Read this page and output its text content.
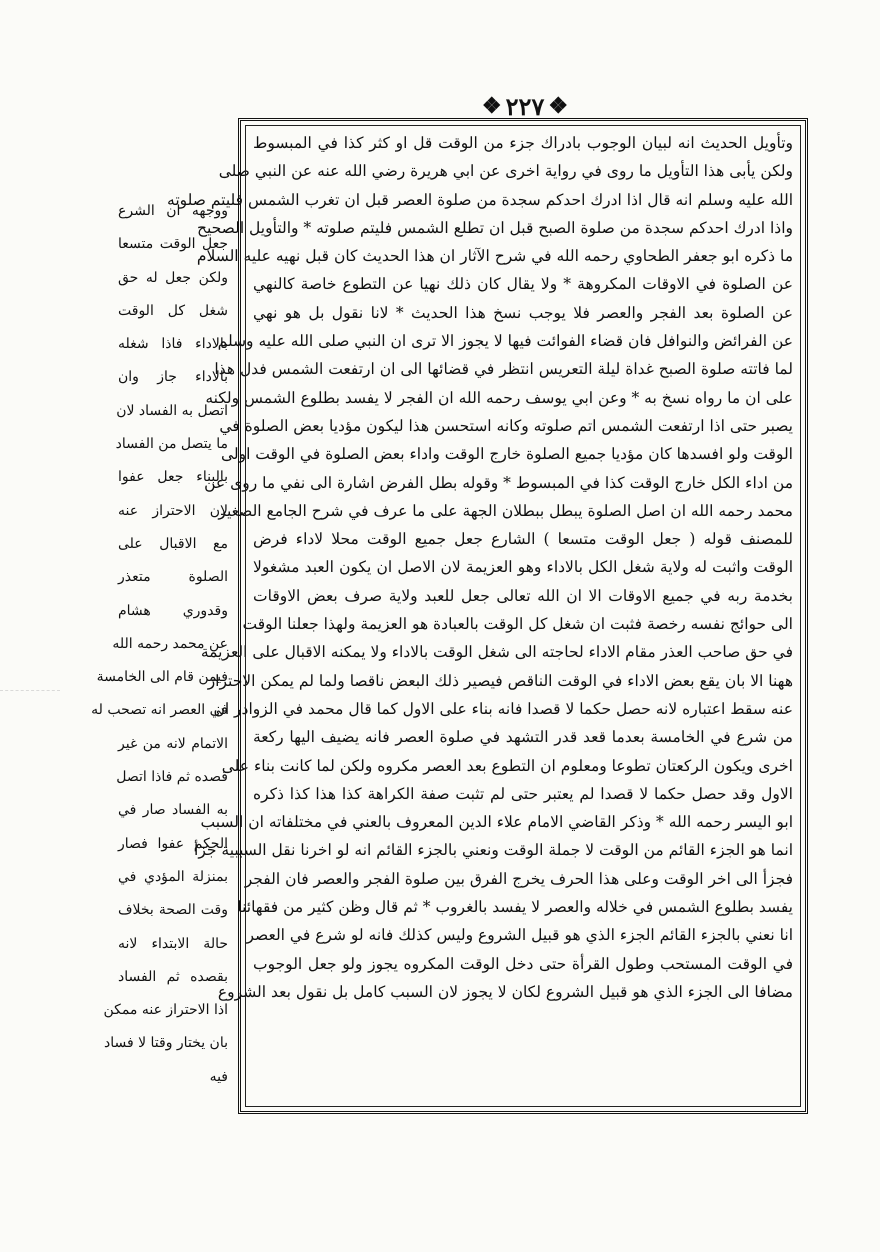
❖ ٢٢٧ ❖
وتأويل الحديث انه لبيان الوجوب بادراك جزء من الوقت قل او كثر كذا في المبسوط
ولكن يأبى هذا التأويل ما روى في رواية اخرى عن ابي هريرة رضي الله عنه عن النبي صلى
الله عليه وسلم انه قال اذا ادرك احدكم سجدة من صلوة العصر قبل ان تغرب الشمس فليتم صلوته
واذا ادرك احدكم سجدة من صلوة الصبح قبل ان تطلع الشمس فليتم صلوته * والتأويل الصحيح
ما ذكره ابو جعفر الطحاوي رحمه الله في شرح الآثار ان هذا الحديث كان قبل نهيه عليه السلام
عن الصلوة في الاوقات المكروهة * ولا يقال كان ذلك نهيا عن التطوع خاصة كالنهي
عن الصلوة بعد الفجر والعصر فلا يوجب نسخ هذا الحديث * لانا نقول بل هو نهي
عن الفرائض والنوافل فان قضاء الفوائت فيها لا يجوز الا ترى ان النبي صلى الله عليه وسلم
لما فاتته صلوة الصبح غداة ليلة التعريس انتظر في قضائها الى ان ارتفعت الشمس فدل هذا
على ان ما رواه نسخ به * وعن ابي يوسف رحمه الله ان الفجر لا يفسد بطلوع الشمس ولكنه
يصبر حتى اذا ارتفعت الشمس اتم صلوته وكانه استحسن هذا ليكون مؤديا بعض الصلوة في
الوقت ولو افسدها كان مؤديا جميع الصلوة خارج الوقت واداء بعض الصلوة في الوقت اولى
من اداء الكل خارج الوقت كذا في المبسوط * وقوله بطل الفرض اشارة الى نفي ما روى عن
محمد رحمه الله ان اصل الصلوة يبطل ببطلان الجهة على ما عرف في شرح الجامع الصغير
للمصنف قوله ( جعل الوقت متسعا ) الشارع جعل جميع الوقت محلا لاداء فرض
الوقت واثبت له ولاية شغل الكل بالاداء وهو العزيمة لان الاصل ان يكون العبد مشغولا
بخدمة ربه في جميع الاوقات الا ان الله تعالى جعل للعبد ولاية صرف بعض الاوقات
الى حوائج نفسه رخصة فثبت ان شغل كل الوقت بالعبادة هو العزيمة ولهذا جعلنا الوقت
في حق صاحب العذر مقام الاداء لحاجته الى شغل الوقت بالاداء ولا يمكنه الاقبال على العزيمة
ههنا الا بان يقع بعض الاداء في الوقت الناقص فيصير ذلك البعض ناقصا ولما لم يمكن الاحتراز
عنه سقط اعتباره لانه حصل حكما لا قصدا فانه بناء على الاول كما قال محمد في الزوادر ان
من شرع في الخامسة بعدما قعد قدر التشهد في صلوة العصر فانه يضيف اليها ركعة
اخرى ويكون الركعتان تطوعا ومعلوم ان التطوع بعد العصر مكروه ولكن لما كانت بناء على
الاول وقد حصل حكما لا قصدا لم يعتبر حتى لم تثبت صفة الكراهة كذا هذا كذا ذكره
ابو اليسر رحمه الله * وذكر القاضي الامام علاء الدين المعروف بالعني في مختلفاته ان السبب
انما هو الجزء القائم من الوقت لا جملة الوقت ونعني بالجزء القائم انه لو اخرنا نقل السببية جزأ
فجزأ الى اخر الوقت وعلى هذا الحرف يخرج الفرق بين صلوة الفجر والعصر فان الفجر
يفسد بطلوع الشمس في خلاله والعصر لا يفسد بالغروب * ثم قال وظن كثير من فقهائنا
انا نعني بالجزء القائم الجزء الذي هو قبيل الشروع وليس كذلك فانه لو شرع في العصر
في الوقت المستحب وطول القرأة حتى دخل الوقت المكروه يجوز ولو جعل الوجوب
مضافا الى الجزء الذي هو قبيل الشروع لكان لا يجوز لان السبب كامل بل نقول بعد الشروع
ووجهه ان الشرع
جعل الوقت متسعا
ولكن جعل له حق
شغل كل الوقت
بالاداء فاذا شغله
بالاداء جاز وان
اتصل به الفساد لان
ما يتصل من الفساد
بالبناء جعل عفوا
لان الاحتراز عنه
مع الاقبال على
الصلوة متعذر
وقدوري هشام
عن محمد رحمه الله
فيمن قام الى الخامسة
في العصر انه تصحب له
الاتمام لانه من غير
قصده ثم فاذا اتصل
به الفساد صار في
الحكم عفوا فصار
بمنزلة المؤدي في
وقت الصحة بخلاف
حالة الابتداء لانه
بقصده ثم الفساد
اذا الاحتراز عنه ممكن
بان يختار وقتا لا فساد
فيه
